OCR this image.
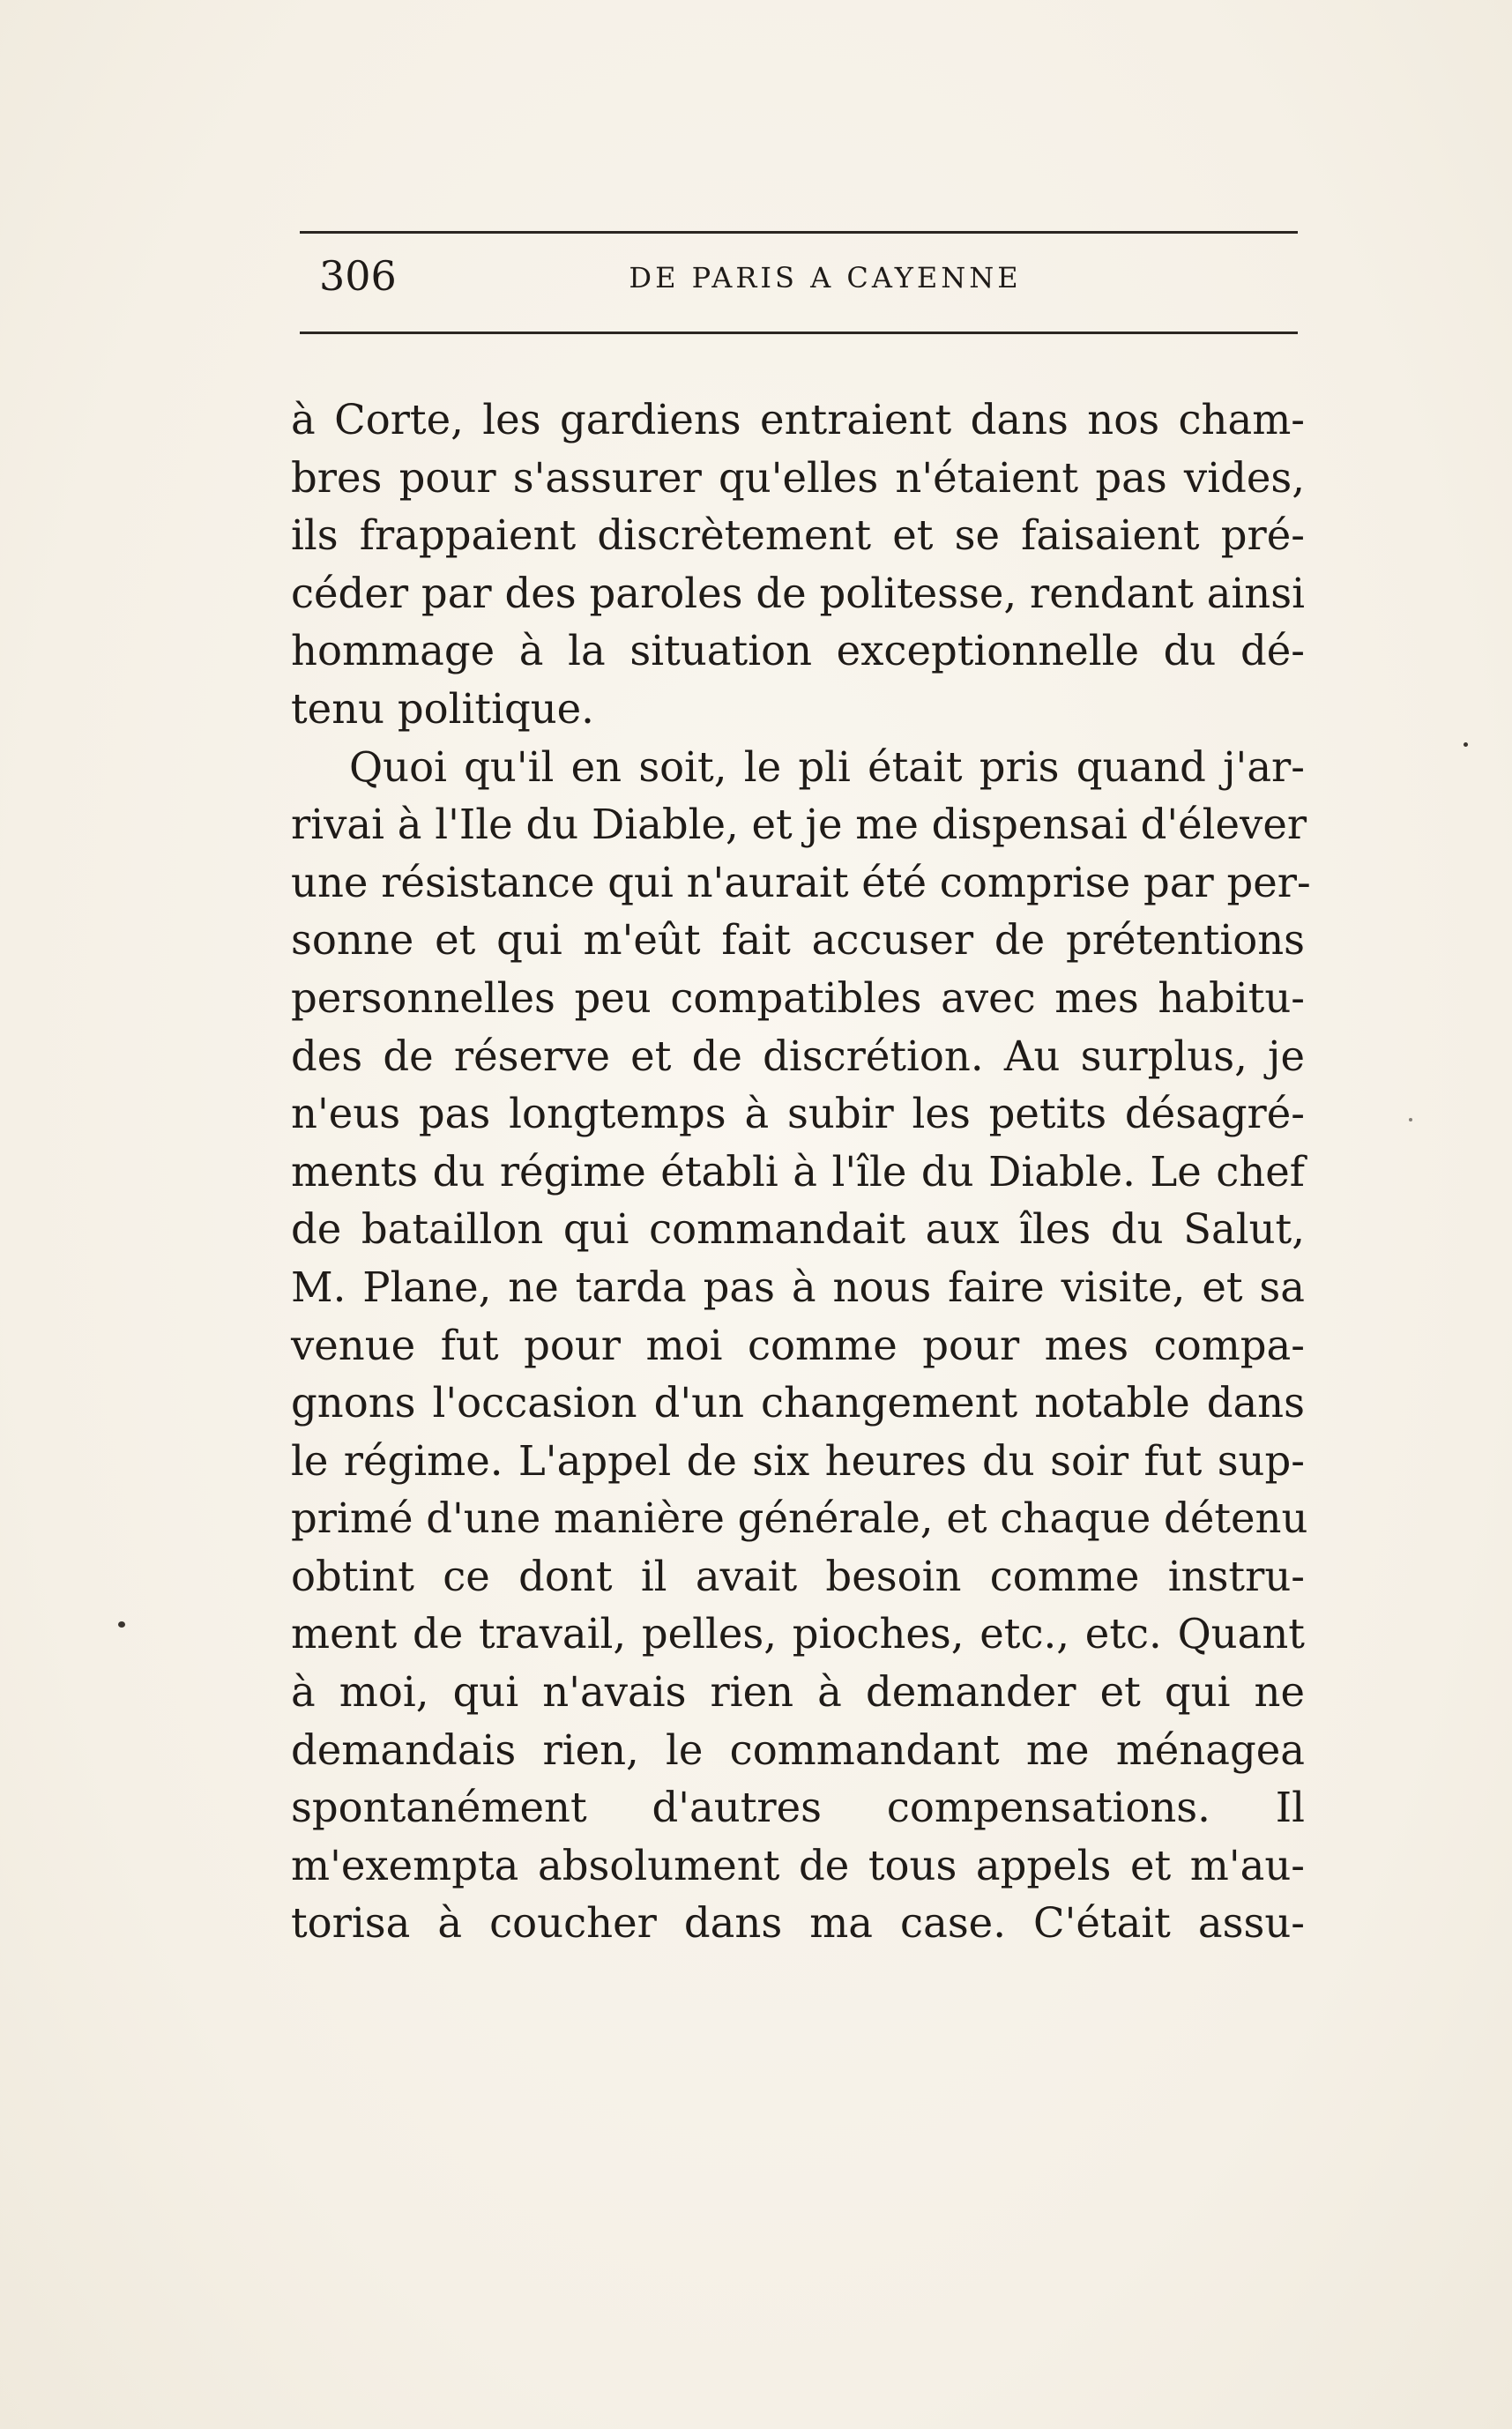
306	DE PARIS A CAYENNE
à Corte, les gardiens entraient dans nos cham-
bres pour s'assurer qu'elles n'étaient pas vides,
ils frappaient discrètement et se faisaient pré-
céder par des paroles de politesse, rendant ainsi
hommage à la situation exceptionnelle du dé-
tenu politique.
Quoi qu'il en soit, le pli était pris quand j'ar-
rivai à l'Ile du Diable, et je me dispensai d'élever
une résistance qui n'aurait été comprise par per-
sonne et qui m'eût fait accuser de prétentions
personnelles peu compatibles avec mes habitu-
des de réserve et de discrétion. Au surplus, je
n'eus pas longtemps à subir les petits désagré-
ments du régime établi à l'île du Diable. Le chef
de bataillon qui commandait aux îles du Salut,
M. Plane, ne tarda pas à nous faire visite, et sa
venue fut pour moi comme pour mes compa-
gnons l'occasion d'un changement notable dans
le régime. L'appel de six heures du soir fut sup-
primé d'une manière générale, et chaque détenu
obtint ce dont il avait besoin comme instru-
ment de travail, pelles, pioches, etc., etc. Quant
à moi, qui n'avais rien à demander et qui ne
demandais rien, le commandant me ménagea
spontanément d'autres compensations. Il
m'exempta absolument de tous appels et m'au-
torisa à coucher dans ma case. C'était assu-
